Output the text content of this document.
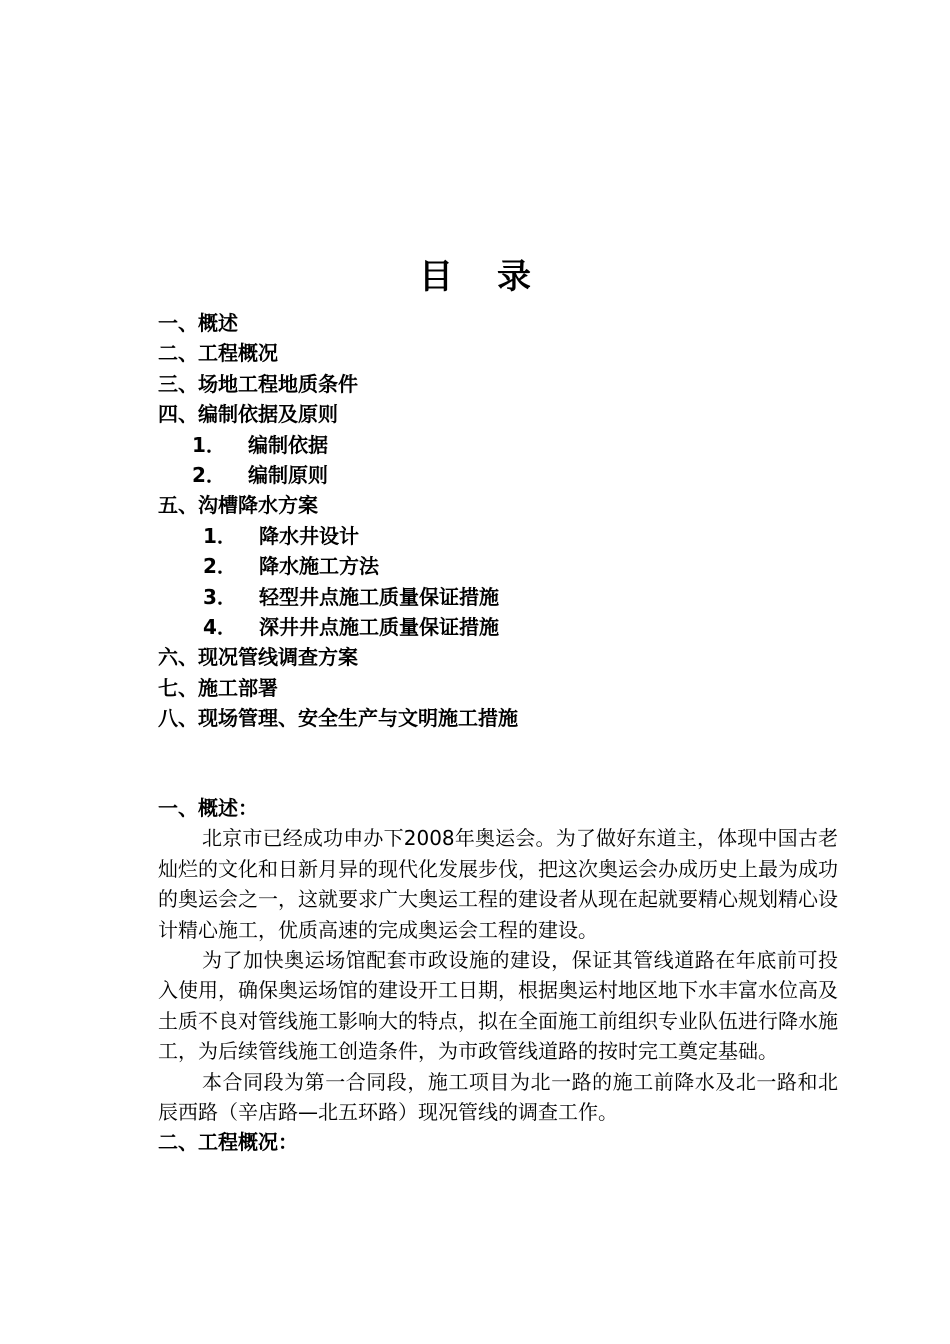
目 录
一、概述
二、工程概况
三、场地工程地质条件
四、编制依据及原则
1． 编制依据
2． 编制原则
五、沟槽降水方案
1． 降水井设计
2． 降水施工方法
3． 轻型井点施工质量保证措施
4． 深井井点施工质量保证措施
六、现况管线调查方案
七、施工部署
八、现场管理、安全生产与文明施工措施
一、概述：

北京市已经成功申办下2008年奥运会。为了做好东道主，体现中国古老灿烂的文化和日新月异的现代化发展步伐，把这次奥运会办成历史上最为成功的奥运会之一，这就要求广大奥运工程的建设者从现在起就要精心规划精心设计精心施工，优质高速的完成奥运会工程的建设。

为了加快奥运场馆配套市政设施的建设，保证其管线道路在年底前可投入使用，确保奥运场馆的建设开工日期，根据奥运村地区地下水丰富水位高及土质不良对管线施工影响大的特点，拟在全面施工前组织专业队伍进行降水施工，为后续管线施工创造条件，为市政管线道路的按时完工奠定基础。

本合同段为第一合同段，施工项目为北一路的施工前降水及北一路和北辰西路（辛店路—北五环路）现况管线的调查工作。

二、工程概况：
